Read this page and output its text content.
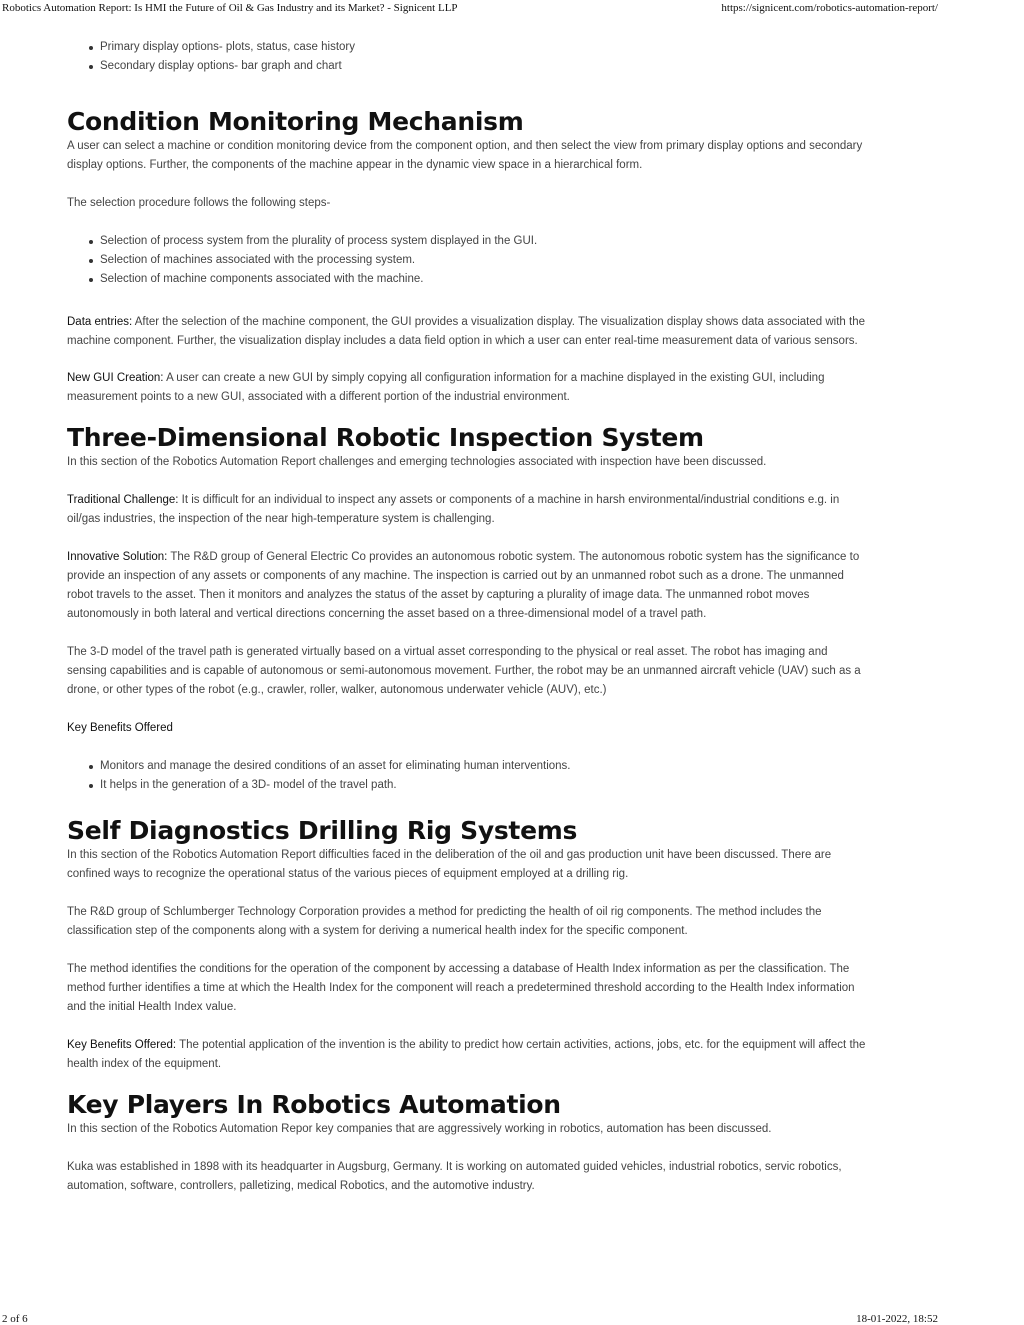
Robotics Automation Report: Is HMI the Future of Oil & Gas Industry and its Market? - Signicent LLP	https://signicent.com/robotics-automation-report/
Primary display options- plots, status, case history
Secondary display options- bar graph and chart
Condition Monitoring Mechanism

A user can select a machine or condition monitoring device from the component option, and then select the view from primary display options and secondary display options. Further, the components of the machine appear in the dynamic view space in a hierarchical form.

The selection procedure follows the following steps-

Selection of process system from the plurality of process system displayed in the GUI.
Selection of machines associated with the processing system.
Selection of machine components associated with the machine.

Data entries: After the selection of the machine component, the GUI provides a visualization display. The visualization display shows data associated with the machine component. Further, the visualization display includes a data field option in which a user can enter real-time measurement data of various sensors.

New GUI Creation: A user can create a new GUI by simply copying all configuration information for a machine displayed in the existing GUI, including measurement points to a new GUI, associated with a different portion of the industrial environment.

Three-Dimensional Robotic Inspection System

In this section of the Robotics Automation Report challenges and emerging technologies associated with inspection have been discussed.

Traditional Challenge: It is difficult for an individual to inspect any assets or components of a machine in harsh environmental/industrial conditions e.g. in oil/gas industries, the inspection of the near high-temperature system is challenging.

Innovative Solution: The R&D group of General Electric Co provides an autonomous robotic system. The autonomous robotic system has the significance to provide an inspection of any assets or components of any machine. The inspection is carried out by an unmanned robot such as a drone. The unmanned robot travels to the asset. Then it monitors and analyzes the status of the asset by capturing a plurality of image data. The unmanned robot moves autonomously in both lateral and vertical directions concerning the asset based on a three-dimensional model of a travel path.

The 3-D model of the travel path is generated virtually based on a virtual asset corresponding to the physical or real asset. The robot has imaging and sensing capabilities and is capable of autonomous or semi-autonomous movement. Further, the robot may be an unmanned aircraft vehicle (UAV) such as a drone, or other types of the robot (e.g., crawler, roller, walker, autonomous underwater vehicle (AUV), etc.)

Key Benefits Offered

Monitors and manage the desired conditions of an asset for eliminating human interventions.
It helps in the generation of a 3D- model of the travel path.
Self Diagnostics Drilling Rig Systems

In this section of the Robotics Automation Report difficulties faced in the deliberation of the oil and gas production unit have been discussed. There are confined ways to recognize the operational status of the various pieces of equipment employed at a drilling rig.

The R&D group of Schlumberger Technology Corporation provides a method for predicting the health of oil rig components. The method includes the classification step of the components along with a system for deriving a numerical health index for the specific component.

The method identifies the conditions for the operation of the component by accessing a database of Health Index information as per the classification. The method further identifies a time at which the Health Index for the component will reach a predetermined threshold according to the Health Index information and the initial Health Index value.

Key Benefits Offered: The potential application of the invention is the ability to predict how certain activities, actions, jobs, etc. for the equipment will affect the health index of the equipment.

Key Players In Robotics Automation

In this section of the Robotics Automation Repor key companies that are aggressively working in robotics, automation has been discussed.

Kuka was established in 1898 with its headquarter in Augsburg, Germany. It is working on automated guided vehicles, industrial robotics, servic robotics, automation, software, controllers, palletizing, medical Robotics, and the automotive industry.

2 of 6	18-01-2022, 18:52
